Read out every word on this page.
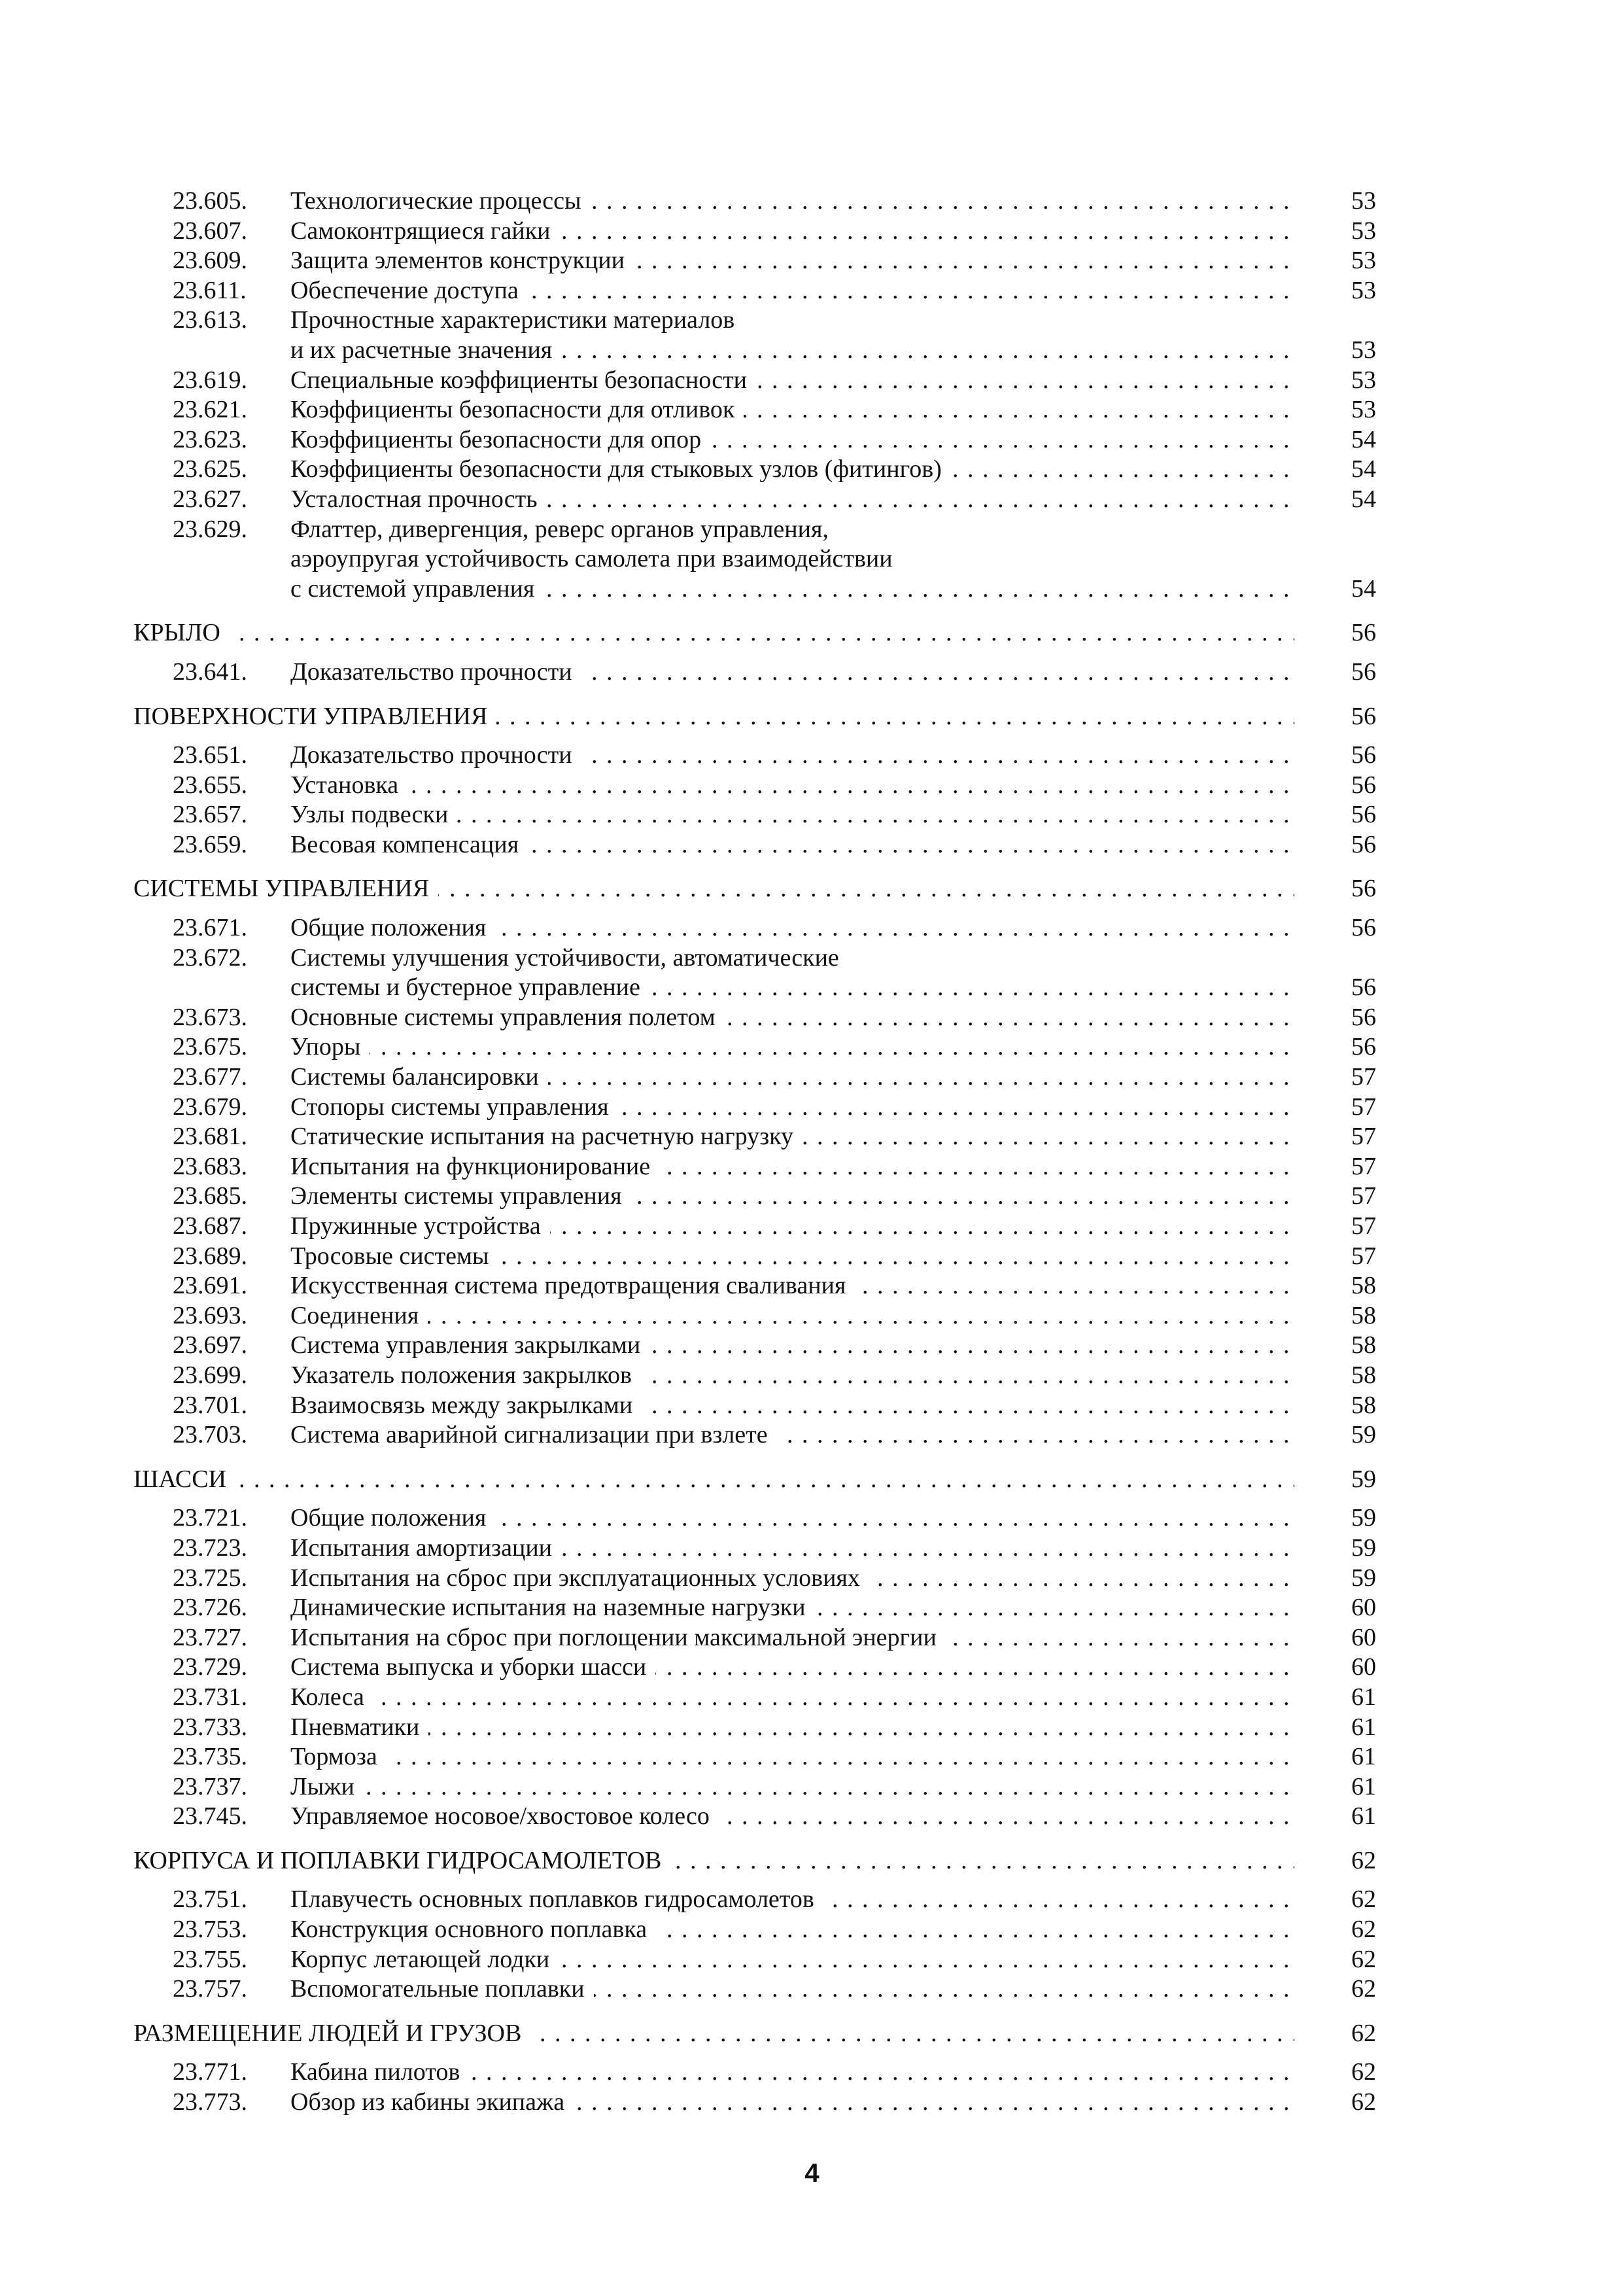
23.605. Технологические процессы . . .	53
23.607. Самоконтрящиеся гайки . . .	53
23.609. Защита элементов конструкции . . .	53
23.611. Обеспечение доступа . . .	53
23.613. Прочностные характеристики материалов
и их расчетные значения . . .	53
23.619. Специальные коэффициенты безопасности . . .	53
23.621. Коэффициенты безопасности для отливок . . .	53
23.623. Коэффициенты безопасности для опор . . .	54
23.625. Коэффициенты безопасности для стыковых узлов (фитингов) . . .	54
23.627. Усталостная прочность . . .	54
23.629. Флаттер, дивергенция, реверс органов управления,
аэроупругая устойчивость самолета при взаимодействии
с системой управления . . .	54
КРЫЛО . . .	56
23.641. Доказательство прочности . . .	56
ПОВЕРХНОСТИ УПРАВЛЕНИЯ . . .	56
23.651. Доказательство прочности . . .	56
23.655. Установка . . .	56
23.657. Узлы подвески . . .	56
23.659. Весовая компенсация . . .	56
СИСТЕМЫ УПРАВЛЕНИЯ . . .	56
23.671. Общие положения . . .	56
23.672. Системы улучшения устойчивости, автоматические
системы и бустерное управление . . .	56
23.673. Основные системы управления полетом . . .	56
23.675. Упоры . . .	56
23.677. Системы балансировки . . .	57
23.679. Стопоры системы управления . . .	57
23.681. Статические испытания на расчетную нагрузку . . .	57
23.683. Испытания на функционирование . . .	57
23.685. Элементы системы управления . . .	57
23.687. Пружинные устройства . . .	57
23.689. Тросовые системы . . .	57
23.691. Искусственная система предотвращения сваливания . . .	58
23.693. Соединения . . .	58
23.697. Система управления закрылками . . .	58
23.699. Указатель положения закрылков . . .	58
23.701. Взаимосвязь между закрылками . . .	58
23.703. Система аварийной сигнализации при взлете . . .	59
ШАССИ . . .	59
23.721. Общие положения . . .	59
23.723. Испытания амортизации . . .	59
23.725. Испытания на сброс при эксплуатационных условиях . . .	59
23.726. Динамические испытания на наземные нагрузки . . .	60
23.727. Испытания на сброс при поглощении максимальной энергии . . .	60
23.729. Система выпуска и уборки шасси . . .	60
23.731. Колеса . . .	61
23.733. Пневматики . . .	61
23.735. Тормоза . . .	61
23.737. Лыжи . . .	61
23.745. Управляемое носовое/хвостовое колесо . . .	61
КОРПУСА И ПОПЛАВКИ ГИДРОСАМОЛЕТОВ . . .	62
23.751. Плавучесть основных поплавков гидросамолетов . . .	62
23.753. Конструкция основного поплавка . . .	62
23.755. Корпус летающей лодки . . .	62
23.757. Вспомогательные поплавки . . .	62
РАЗМЕЩЕНИЕ ЛЮДЕЙ И ГРУЗОВ . . .	62
23.771. Кабина пилотов . . .	62
23.773. Обзор из кабины экипажа . . .	62
4
